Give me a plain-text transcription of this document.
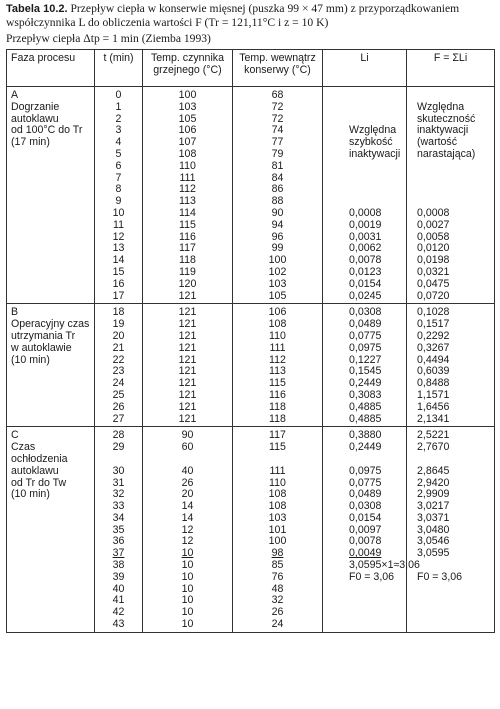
Tabela 10.2. Przepływ ciepła w konserwie mięsnej (puszka 99 × 47 mm) z przyporządkowaniem współczynnika L do obliczenia wartości F (Tr = 121,11°C i z = 10 K)

Przepływ ciepła Δtp = 1 min (Ziemba 1993)

Faza procesu	t (min)	Temp. czynnika grzejnego (°C)	Temp. wewnątrz konserwy (°C)	Li	F = ΣLi
A	0	100	68		
Dogrzanie	1	103	72		Względna
autoklawu	2	105	72		skuteczność
od 100°C do Tr	3	106	74	Względna	inaktywacji
(17 min)	4	107	77	szybkość	(wartość
	5	108	79	inaktywacji	narastająca)
	6	110	81		
	7	111	84		
	8	112	86		
	9	113	88		
	10	114	90	0,0008	0,0008
	11	115	94	0,0019	0,0027
	12	116	96	0,0031	0,0058
	13	117	99	0,0062	0,0120
	14	118	100	0,0078	0,0198
	15	119	102	0,0123	0,0321
	16	120	103	0,0154	0,0475
	17	121	105	0,0245	0,0720
B	18	121	106	0,0308	0,1028
Operacyjny czas	19	121	108	0,0489	0,1517
utrzymania Tr	20	121	110	0,0775	0,2292
w autoklawie	21	121	111	0,0975	0,3267
(10 min)	22	121	112	0,1227	0,4494
	23	121	113	0,1545	0,6039
	24	121	115	0,2449	0,8488
	25	121	116	0,3083	1,1571
	26	121	118	0,4885	1,6456
	27	121	118	0,4885	2,1341
C	28	90	117	0,3880	2,5221
Czas ochłodzenia	29	60	115	0,2449	2,7670
autoklawu	30	40	111	0,0975	2,8645
od Tr do Tw	31	26	110	0,0775	2,9420
(10 min)	32	20	108	0,0489	2,9909
	33	14	108	0,0308	3,0217
	34	14	103	0,0154	3,0371
	35	12	101	0,0097	3,0480
	36	12	100	0,0078	3,0546
	37	10	98	0,0049	3,0595
	38	10	85	3,0595×1≈3,06	
	39	10	76	F0 = 3,06	F0 = 3,06
	40	10	48		
	41	10	32		
	42	10	26		
	43	10	24		
